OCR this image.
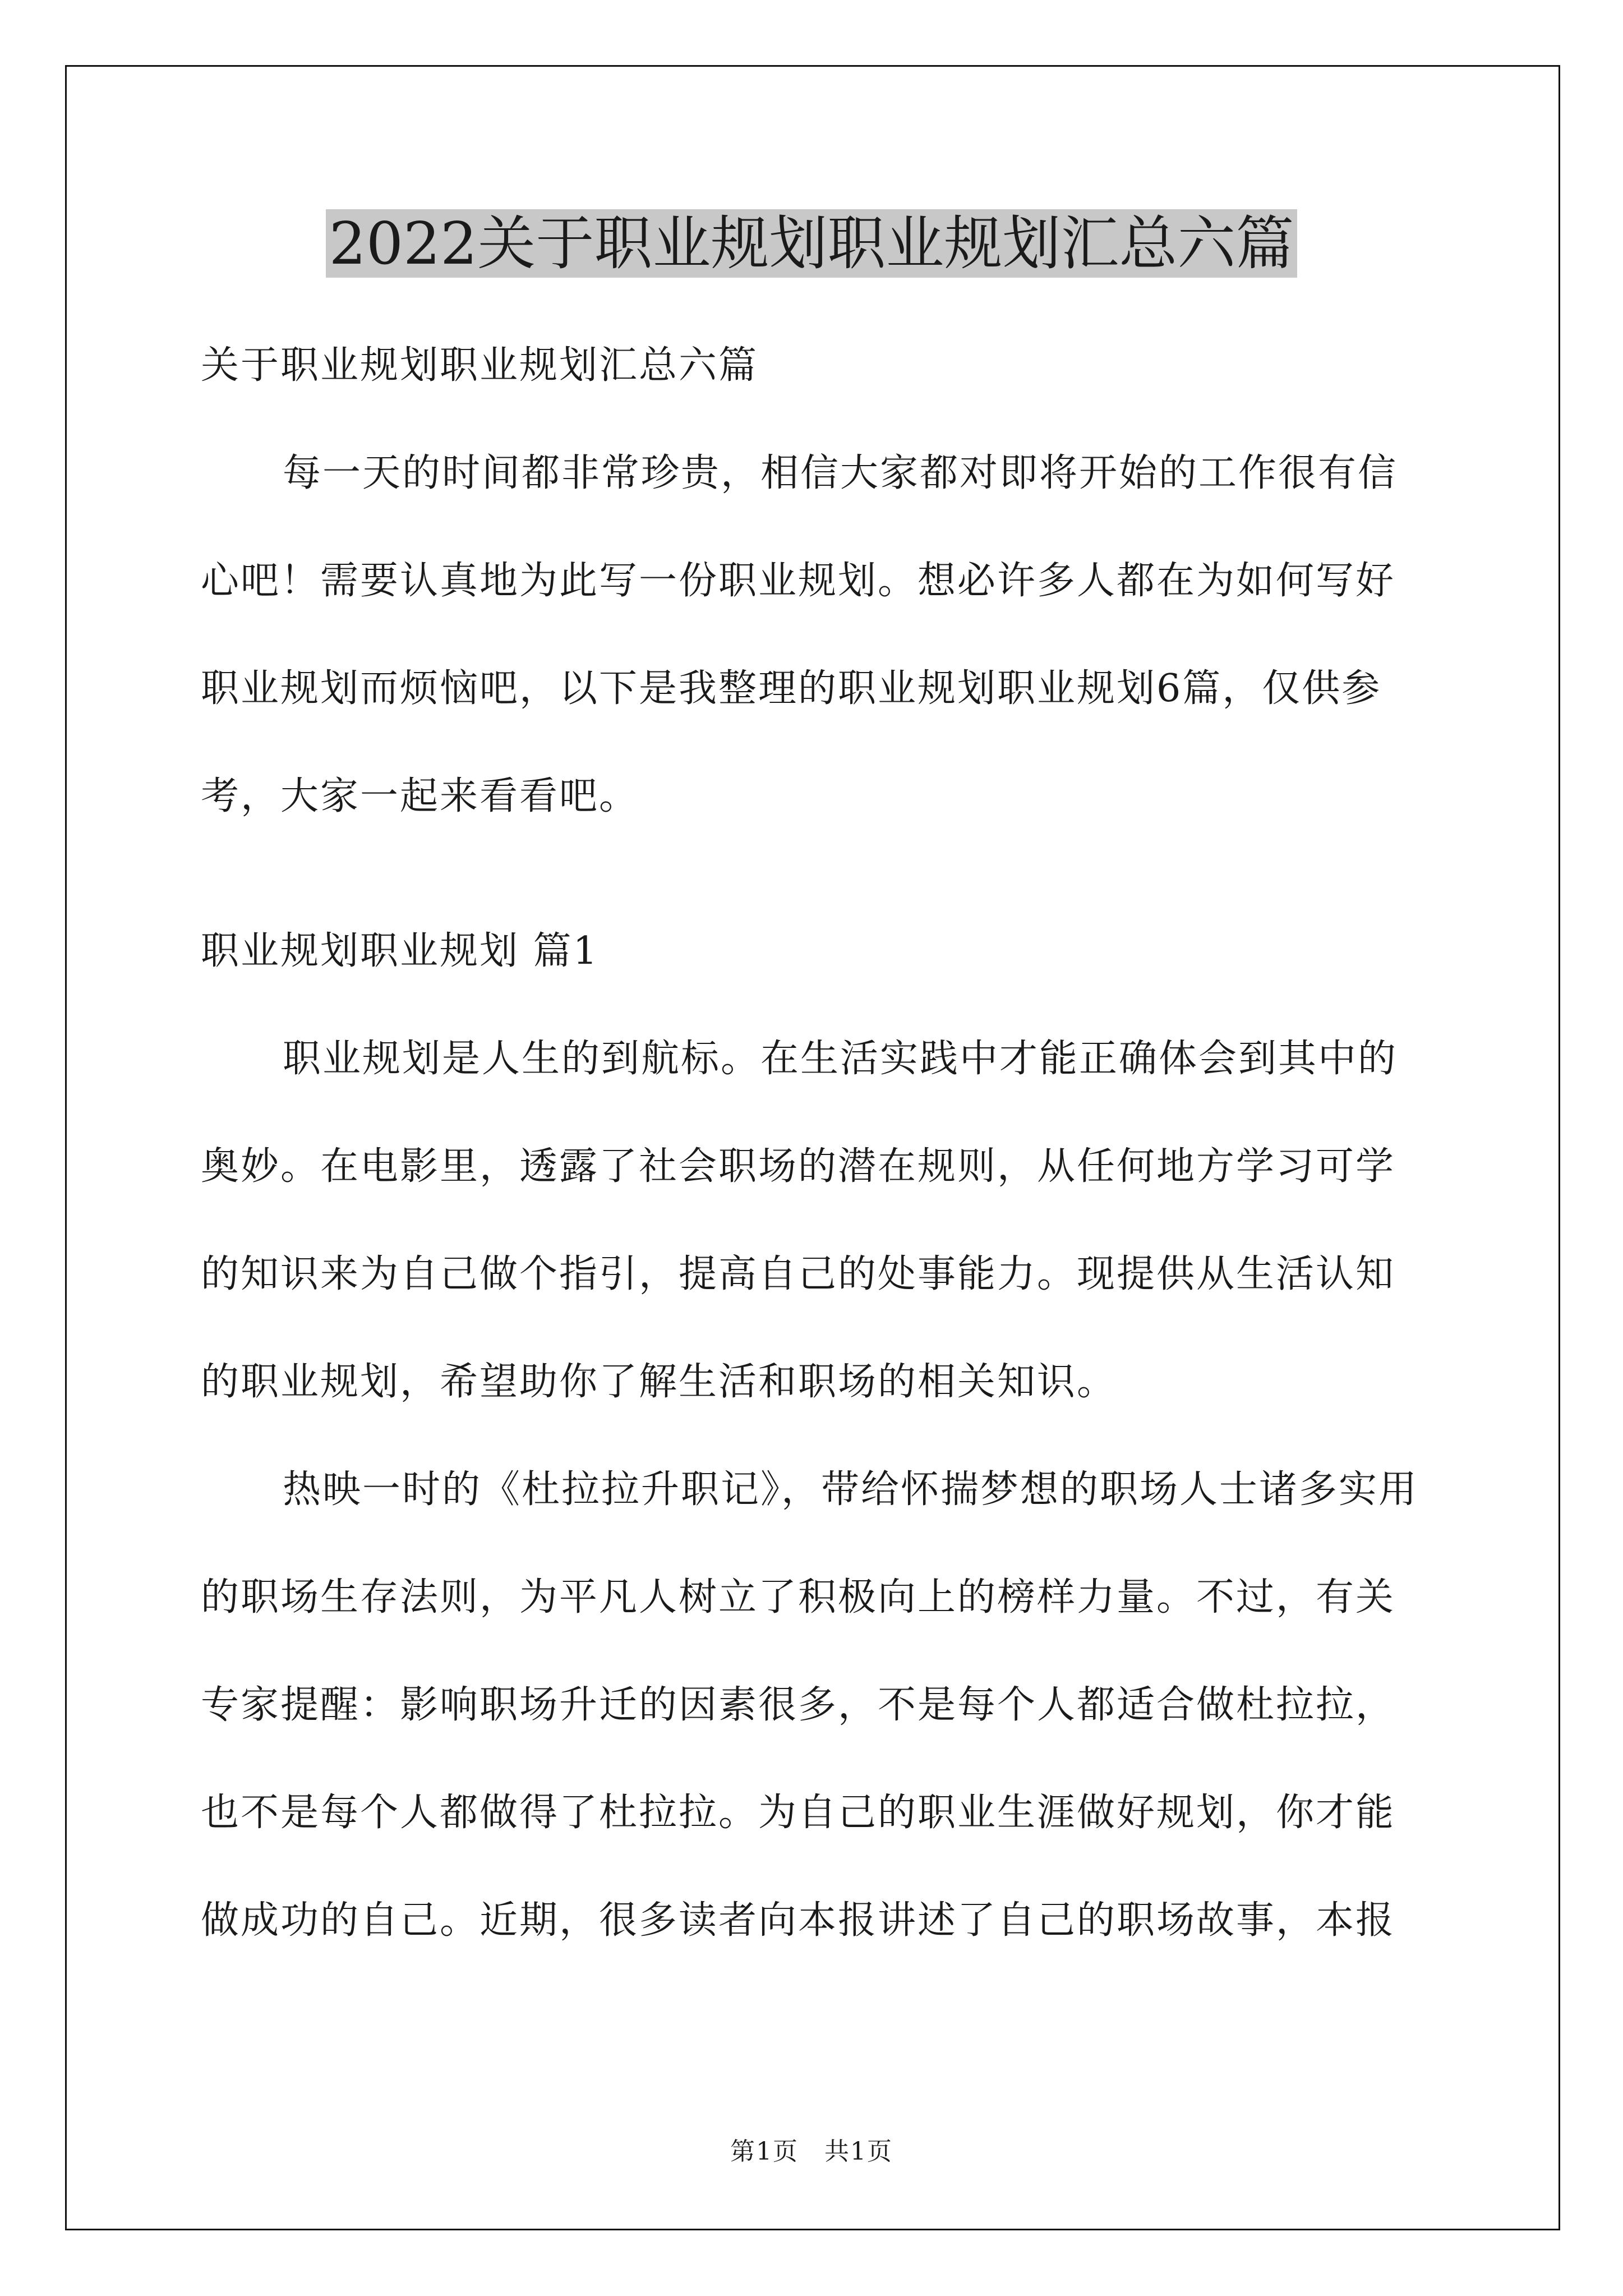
2022关于职业规划职业规划汇总六篇
关于职业规划职业规划汇总六篇
每一天的时间都非常珍贵，相信大家都对即将开始的工作很有信
心吧！需要认真地为此写一份职业规划。想必许多人都在为如何写好
职业规划而烦恼吧，以下是我整理的职业规划职业规划6篇，仅供参
考，大家一起来看看吧。
职业规划职业规划 篇1
职业规划是人生的到航标。在生活实践中才能正确体会到其中的
奥妙。在电影里，透露了社会职场的潜在规则，从任何地方学习可学
的知识来为自己做个指引，提高自己的处事能力。现提供从生活认知
的职业规划，希望助你了解生活和职场的相关知识。
热映一时的《杜拉拉升职记》，带给怀揣梦想的职场人士诸多实用
的职场生存法则，为平凡人树立了积极向上的榜样力量。不过，有关
专家提醒：影响职场升迁的因素很多，不是每个人都适合做杜拉拉，
也不是每个人都做得了杜拉拉。为自己的职业生涯做好规划，你才能
做成功的自己。近期，很多读者向本报讲述了自己的职场故事，本报
第1页　共1页
